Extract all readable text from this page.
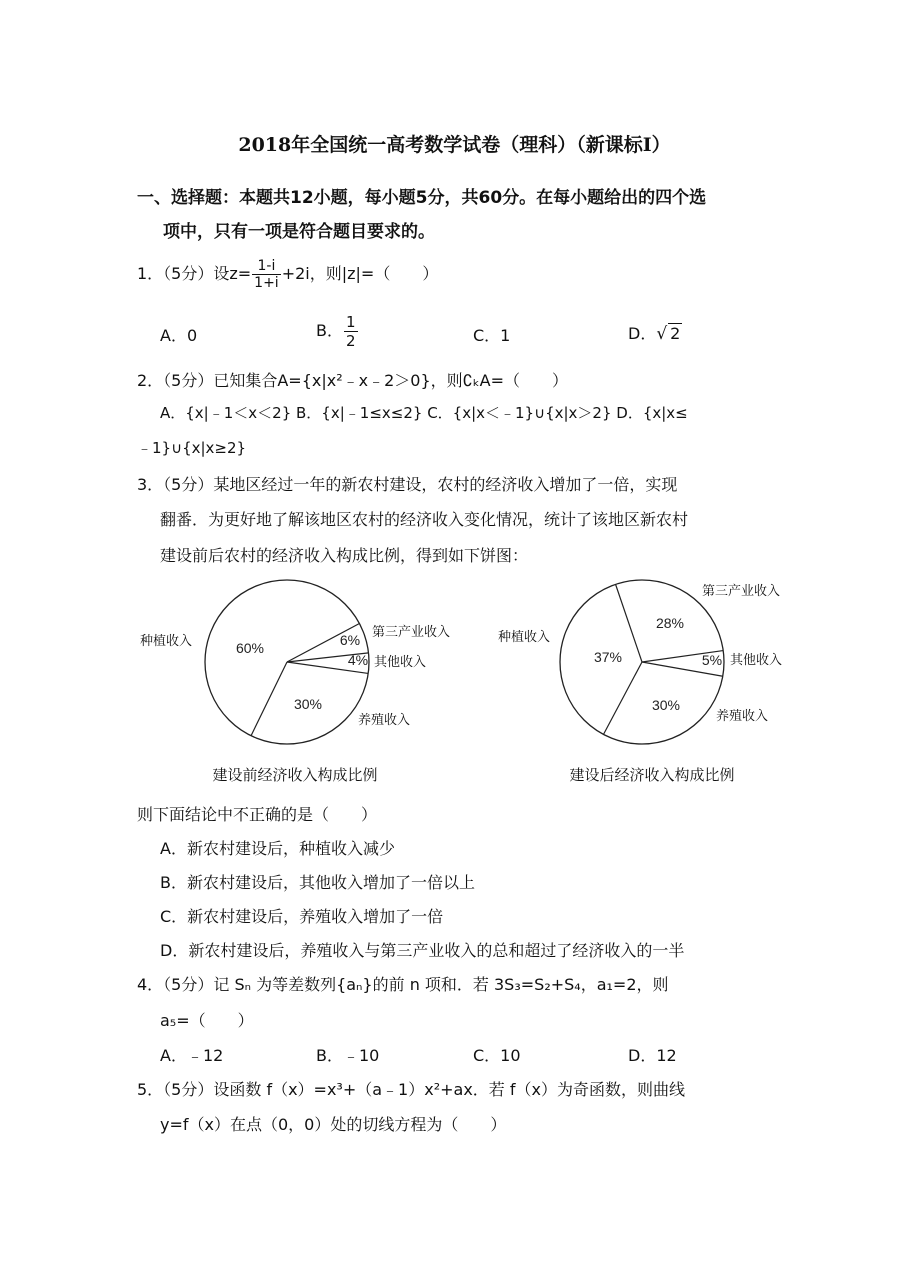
2018年全国统一高考数学试卷（理科）（新课标I）
一、选择题：本题共12小题，每小题5分，共60分。在每小题给出的四个选
项中，只有一项是符合题目要求的。
1．（5分）设$z= \frac{1-i}{1+i} +2i$，则|z|=（　　）
A．0	B． $\frac{1}{2}$	C．1	D．√ 2
2．（5分）已知集合A={x|x²﹣x﹣2＞0}，则∁ₖA=（　　）
A．{x|﹣1＜x＜2} B．{x|﹣1≤x≤2} C．{x|x＜﹣1}∪{x|x＞2} D．{x|x≤
﹣1}∪{x|x≥2}
3．（5分）某地区经过一年的新农村建设，农村的经济收入增加了一倍，实现
翻番．为更好地了解该地区农村的经济收入变化情况，统计了该地区新农村
建设前后农村的经济收入构成比例，得到如下饼图：
60%	6%
4%
30%
种植收入
第三产业收入
其他收入
养殖收入
建设前经济收入构成比例
37%
28%
5%
30%
种植收入
第三产业收入
其他收入
养殖收入
建设后经济收入构成比例
则下面结论中不正确的是（　　）
A．新农村建设后，种植收入减少
B．新农村建设后，其他收入增加了一倍以上
C．新农村建设后，养殖收入增加了一倍
D．新农村建设后，养殖收入与第三产业收入的总和超过了经济收入的一半
4．（5分）记 Sₙ 为等差数列{aₙ}的前 n 项和．若 3S₃=S₂+S₄，a₁=2，则
a₅=（　　）
A．﹣12	B．﹣10	C．10	D．12
5．（5分）设函数 f（x）=x³+（a﹣1）x²+ax．若 f（x）为奇函数，则曲线
y=f（x）在点（0，0）处的切线方程为（　　）
